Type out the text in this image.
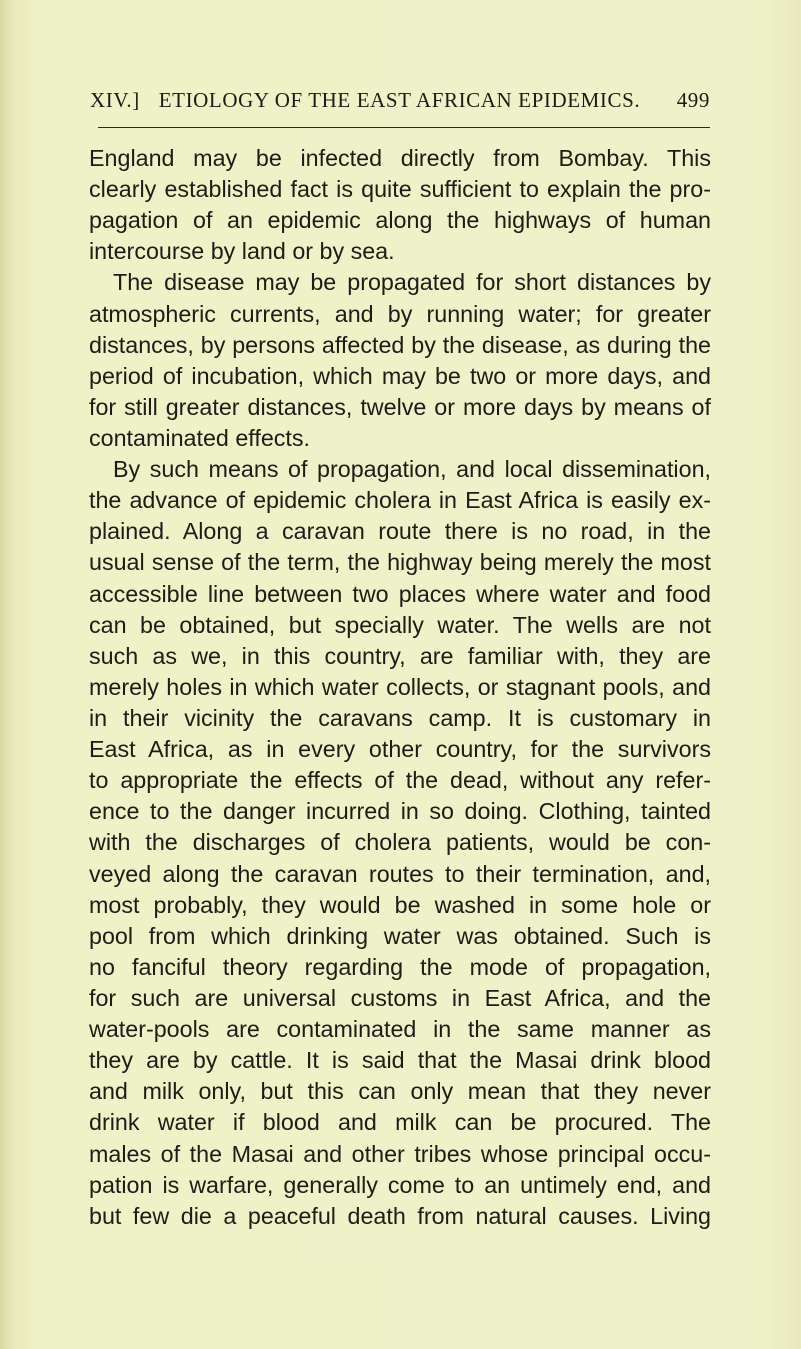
XIV.] ETIOLOGY OF THE EAST AFRICAN EPIDEMICS.	499
England may be infected directly from Bombay. This
clearly established fact is quite sufficient to explain the pro-
pagation of an epidemic along the highways of human
intercourse by land or by sea.
The disease may be propagated for short distances by
atmospheric currents, and by running water; for greater
distances, by persons affected by the disease, as during the
period of incubation, which may be two or more days, and
for still greater distances, twelve or more days by means of
contaminated effects.
By such means of propagation, and local dissemination,
the advance of epidemic cholera in East Africa is easily ex-
plained. Along a caravan route there is no road, in the
usual sense of the term, the highway being merely the most
accessible line between two places where water and food
can be obtained, but specially water. The wells are not
such as we, in this country, are familiar with, they are
merely holes in which water collects, or stagnant pools, and
in their vicinity the caravans camp. It is customary in
East Africa, as in every other country, for the survivors
to appropriate the effects of the dead, without any refer-
ence to the danger incurred in so doing. Clothing, tainted
with the discharges of cholera patients, would be con-
veyed along the caravan routes to their termination, and,
most probably, they would be washed in some hole or
pool from which drinking water was obtained. Such is
no fanciful theory regarding the mode of propagation,
for such are universal customs in East Africa, and the
water-pools are contaminated in the same manner as
they are by cattle. It is said that the Masai drink blood
and milk only, but this can only mean that they never
drink water if blood and milk can be procured. The
males of the Masai and other tribes whose principal occu-
pation is warfare, generally come to an untimely end, and
but few die a peaceful death from natural causes. Living
